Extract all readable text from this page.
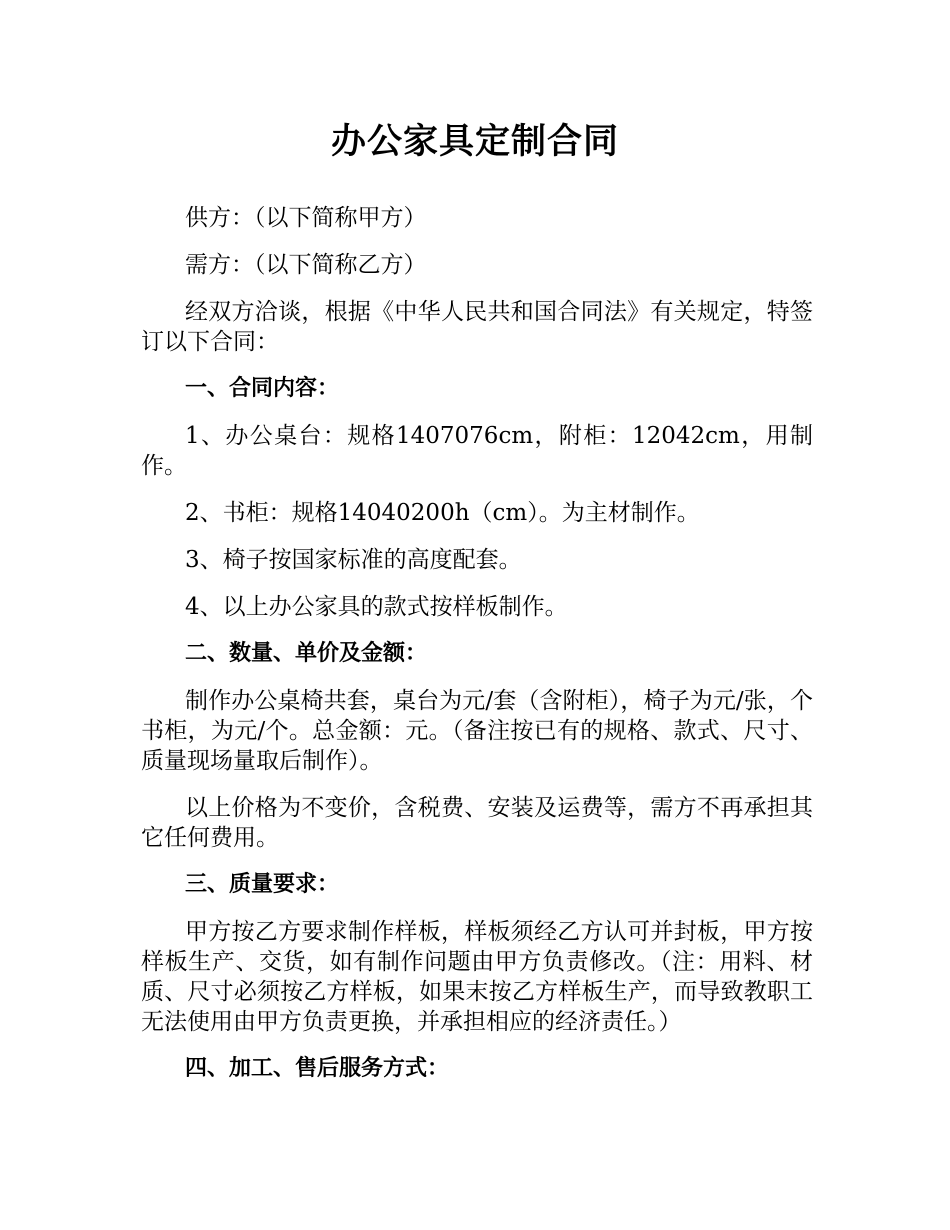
办公家具定制合同

供方：（以下简称甲方）

需方：（以下简称乙方）

经双方洽谈，根据《中华人民共和国合同法》有关规定，特签订以下合同：

一、合同内容：

1、办公桌台：规格1407076cm，附柜：12042cm，用制作。

2、书柜：规格14040200h（cm）。为主材制作。

3、椅子按国家标准的高度配套。

4、以上办公家具的款式按样板制作。

二、数量、单价及金额：

制作办公桌椅共套，桌台为元/套（含附柜），椅子为元/张，个书柜，为元/个。总金额：元。（备注按已有的规格、款式、尺寸、质量现场量取后制作）。

以上价格为不变价，含税费、安装及运费等，需方不再承担其它任何费用。

三、质量要求：

甲方按乙方要求制作样板，样板须经乙方认可并封板，甲方按样板生产、交货，如有制作问题由甲方负责修改。（注：用料、材质、尺寸必须按乙方样板，如果末按乙方样板生产，而导致教职工无法使用由甲方负责更换，并承担相应的经济责任。）

四、加工、售后服务方式：
